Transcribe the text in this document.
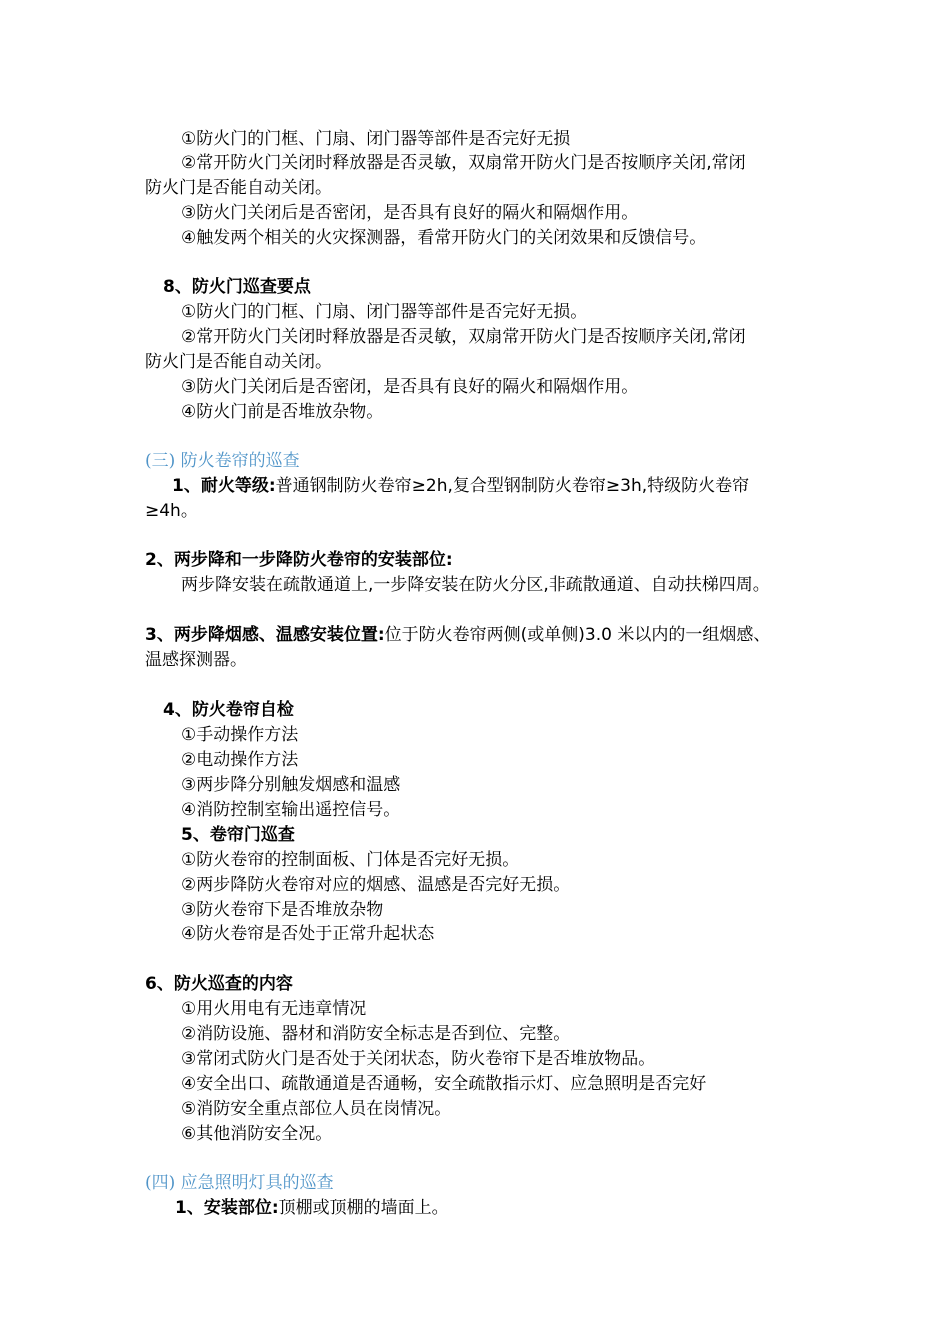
①防火门的门框、门扇、闭门器等部件是否完好无损
②常开防火门关闭时释放器是否灵敏，双扇常开防火门是否按顺序关闭,常闭
防火门是否能自动关闭。
③防火门关闭后是否密闭，是否具有良好的隔火和隔烟作用。
④触发两个相关的火灾探测器，看常开防火门的关闭效果和反馈信号。
8、防火门巡查要点
①防火门的门框、门扇、闭门器等部件是否完好无损。
②常开防火门关闭时释放器是否灵敏，双扇常开防火门是否按顺序关闭,常闭
防火门是否能自动关闭。
③防火门关闭后是否密闭，是否具有良好的隔火和隔烟作用。
④防火门前是否堆放杂物。
(三) 防火卷帘的巡查
1、耐火等级:普通钢制防火卷帘≥2h,复合型钢制防火卷帘≥3h,特级防火卷帘
≥4h。
2、两步降和一步降防火卷帘的安装部位:
两步降安装在疏散通道上,一步降安装在防火分区,非疏散通道、自动扶梯四周。
3、两步降烟感、温感安装位置:位于防火卷帘两侧(或单侧)3.0 米以内的一组烟感、
温感探测器。
4、防火卷帘自检
①手动操作方法
②电动操作方法
③两步降分别触发烟感和温感
④消防控制室输出遥控信号。
5、卷帘门巡查
①防火卷帘的控制面板、门体是否完好无损。
②两步降防火卷帘对应的烟感、温感是否完好无损。
③防火卷帘下是否堆放杂物
④防火卷帘是否处于正常升起状态
6、防火巡查的内容
①用火用电有无违章情况
②消防设施、器材和消防安全标志是否到位、完整。
③常闭式防火门是否处于关闭状态，防火卷帘下是否堆放物品。
④安全出口、疏散通道是否通畅，安全疏散指示灯、应急照明是否完好
⑤消防安全重点部位人员在岗情况。
⑥其他消防安全况。
(四) 应急照明灯具的巡查
1、安装部位:顶棚或顶棚的墙面上。
